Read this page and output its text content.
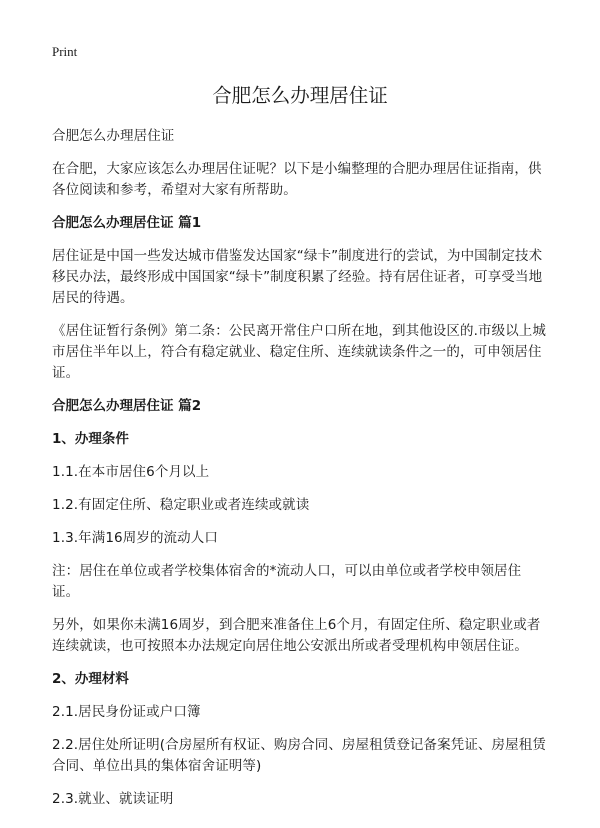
Print
合肥怎么办理居住证

合肥怎么办理居住证

在合肥，大家应该怎么办理居住证呢？以下是小编整理的合肥办理居住证指南，供各位阅读和参考，希望对大家有所帮助。

合肥怎么办理居住证 篇1

居住证是中国一些发达城市借鉴发达国家“绿卡”制度进行的尝试，为中国制定技术移民办法，最终形成中国国家“绿卡”制度积累了经验。持有居住证者，可享受当地居民的待遇。

《居住证暂行条例》第二条：公民离开常住户口所在地，到其他设区的.市级以上城市居住半年以上，符合有稳定就业、稳定住所、连续就读条件之一的，可申领居住证。

合肥怎么办理居住证 篇2

1、办理条件

1.1.在本市居住6个月以上

1.2.有固定住所、稳定职业或者连续或就读

1.3.年满16周岁的流动人口

注：居住在单位或者学校集体宿舍的*流动人口，可以由单位或者学校申领居住证。

另外，如果你未满16周岁，到合肥来准备住上6个月，有固定住所、稳定职业或者连续就读，也可按照本办法规定向居住地公安派出所或者受理机构申领居住证。

2、办理材料

2.1.居民身份证或户口簿

2.2.居住处所证明(合房屋所有权证、购房合同、房屋租赁登记备案凭证、房屋租赁合同、单位出具的集体宿舍证明等)

2.3.就业、就读证明
